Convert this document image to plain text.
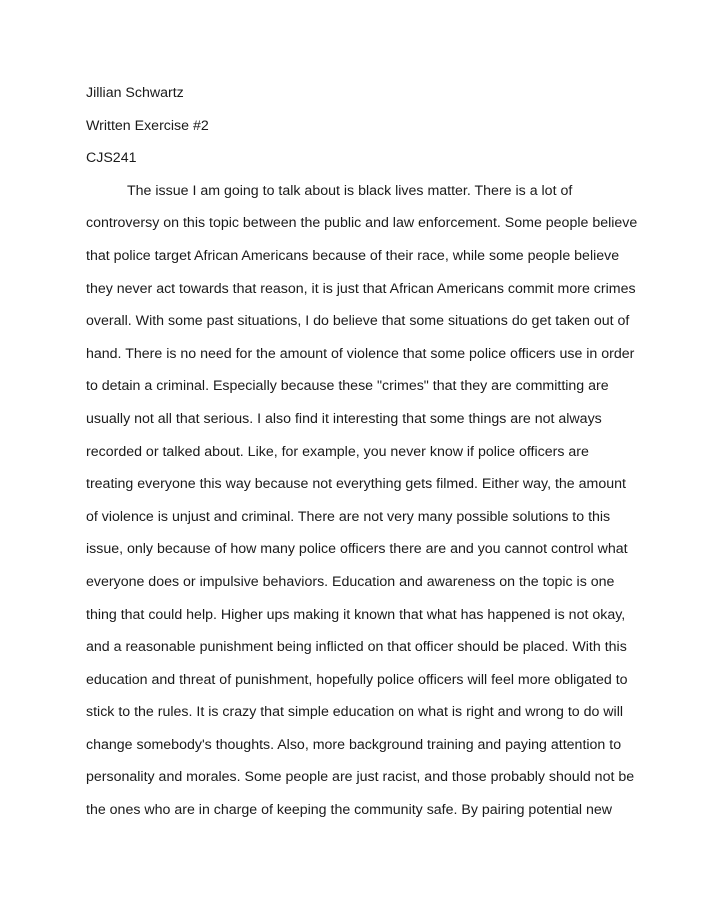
Jillian Schwartz
Written Exercise #2
CJS241
The issue I am going to talk about is black lives matter. There is a lot of
controversy on this topic between the public and law enforcement. Some people believe
that police target African Americans because of their race, while some people believe
they never act towards that reason, it is just that African Americans commit more crimes
overall. With some past situations, I do believe that some situations do get taken out of
hand. There is no need for the amount of violence that some police officers use in order
to detain a criminal. Especially because these "crimes" that they are committing are
usually not all that serious. I also find it interesting that some things are not always
recorded or talked about. Like, for example, you never know if police officers are
treating everyone this way because not everything gets filmed. Either way, the amount
of violence is unjust and criminal. There are not very many possible solutions to this
issue, only because of how many police officers there are and you cannot control what
everyone does or impulsive behaviors. Education and awareness on the topic is one
thing that could help. Higher ups making it known that what has happened is not okay,
and a reasonable punishment being inflicted on that officer should be placed. With this
education and threat of punishment, hopefully police officers will feel more obligated to
stick to the rules. It is crazy that simple education on what is right and wrong to do will
change somebody's thoughts. Also, more background training and paying attention to
personality and morales. Some people are just racist, and those probably should not be
the ones who are in charge of keeping the community safe. By pairing potential new
